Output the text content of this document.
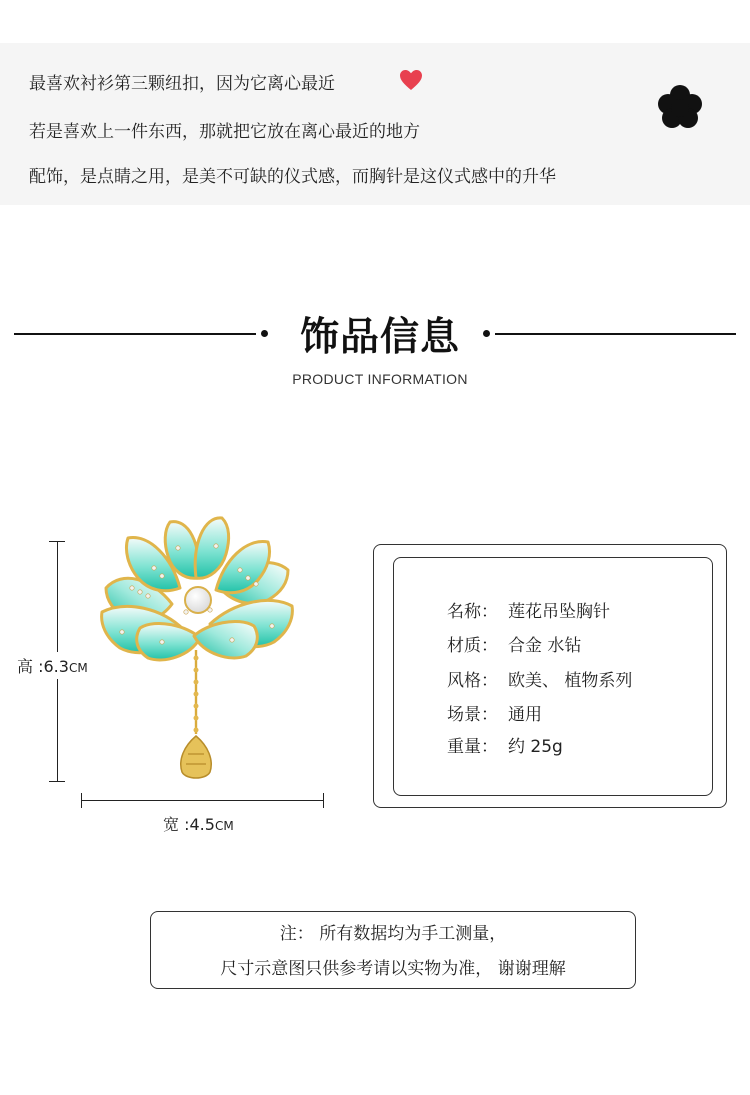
最喜欢衬衫第三颗纽扣，因为它离心最近
若是喜欢上一件东西，那就把它放在离心最近的地方
配饰，是点睛之用，是美不可缺的仪式感，而胸针是这仪式感中的升华
饰品信息
PRODUCT INFORMATION
高 :6.3CM
宽 :4.5CM
名称： 莲花吊坠胸针
材质： 合金 水钻
风格： 欧美、 植物系列
场景： 通用
重量： 约 25g
注： 所有数据均为手工测量，
尺寸示意图只供参考请以实物为准， 谢谢理解
